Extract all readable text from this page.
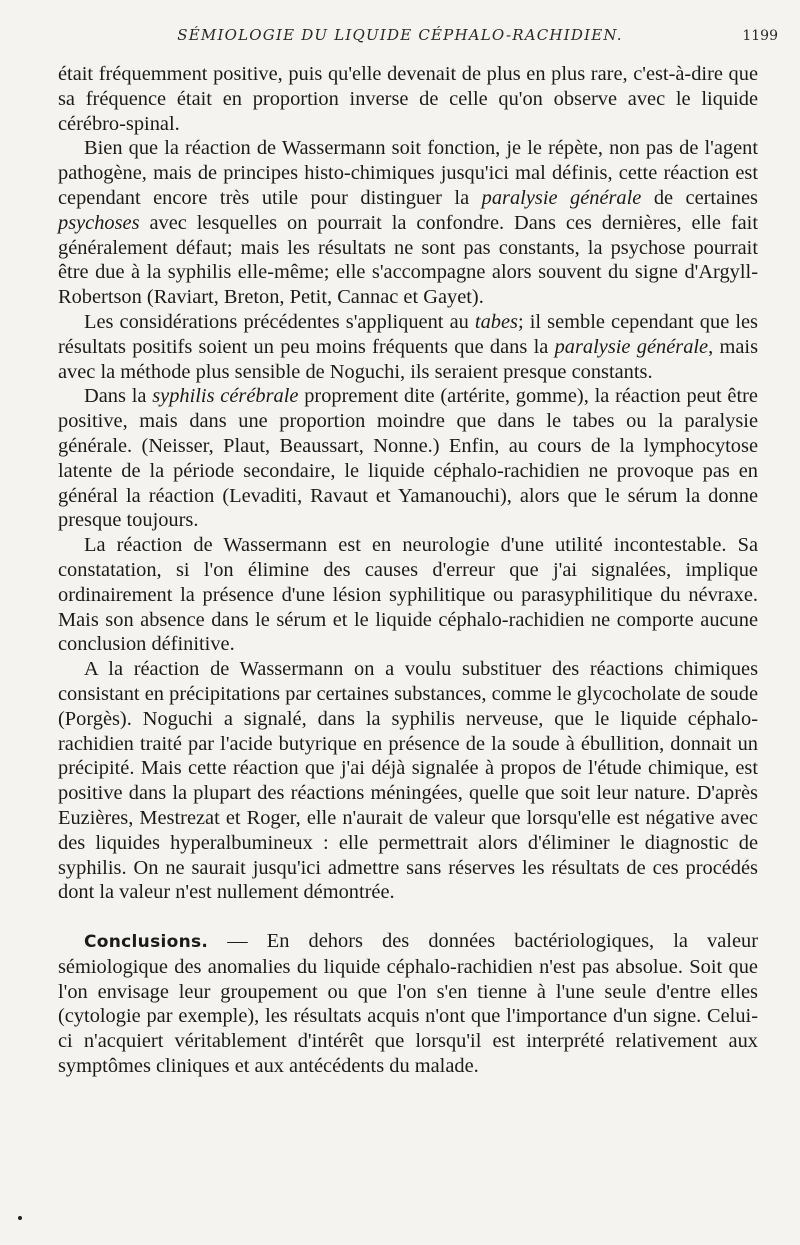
SÉMIOLOGIE DU LIQUIDE CÉPHALO-RACHIDIEN.	1199

était fréquemment positive, puis qu'elle devenait de plus en plus rare, c'est-à-dire que sa fréquence était en proportion inverse de celle qu'on observe avec le liquide cérébro-spinal.

Bien que la réaction de Wassermann soit fonction, je le répète, non pas de l'agent pathogène, mais de principes histo-chimiques jusqu'ici mal définis, cette réaction est cependant encore très utile pour distinguer la paralysie générale de certaines psychoses avec lesquelles on pourrait la confondre. Dans ces dernières, elle fait généralement défaut; mais les résultats ne sont pas constants, la psychose pourrait être due à la syphilis elle-même; elle s'accompagne alors souvent du signe d'Argyll-Robertson (Raviart, Breton, Petit, Cannac et Gayet).

Les considérations précédentes s'appliquent au tabes; il semble cependant que les résultats positifs soient un peu moins fréquents que dans la paralysie générale, mais avec la méthode plus sensible de Noguchi, ils seraient presque constants.

Dans la syphilis cérébrale proprement dite (artérite, gomme), la réaction peut être positive, mais dans une proportion moindre que dans le tabes ou la paralysie générale. (Neisser, Plaut, Beaussart, Nonne.) Enfin, au cours de la lymphocytose latente de la période secondaire, le liquide céphalo-rachidien ne provoque pas en général la réaction (Levaditi, Ravaut et Yamanouchi), alors que le sérum la donne presque toujours.

La réaction de Wassermann est en neurologie d'une utilité incontestable. Sa constatation, si l'on élimine des causes d'erreur que j'ai signalées, implique ordinairement la présence d'une lésion syphilitique ou parasyphilitique du névraxe. Mais son absence dans le sérum et le liquide céphalo-rachidien ne comporte aucune conclusion définitive.

A la réaction de Wassermann on a voulu substituer des réactions chimiques consistant en précipitations par certaines substances, comme le glycocholate de soude (Porgès). Noguchi a signalé, dans la syphilis nerveuse, que le liquide céphalo-rachidien traité par l'acide butyrique en présence de la soude à ébullition, donnait un précipité. Mais cette réaction que j'ai déjà signalée à propos de l'étude chimique, est positive dans la plupart des réactions méningées, quelle que soit leur nature. D'après Euzières, Mestrezat et Roger, elle n'aurait de valeur que lorsqu'elle est négative avec des liquides hyperalbumineux : elle permettrait alors d'éliminer le diagnostic de syphilis. On ne saurait jusqu'ici admettre sans réserves les résultats de ces procédés dont la valeur n'est nullement démontrée.

Conclusions. — En dehors des données bactériologiques, la valeur sémiologique des anomalies du liquide céphalo-rachidien n'est pas absolue. Soit que l'on envisage leur groupement ou que l'on s'en tienne à l'une seule d'entre elles (cytologie par exemple), les résultats acquis n'ont que l'importance d'un signe. Celui-ci n'acquiert véritablement d'intérêt que lorsqu'il est interprété relativement aux symptômes cliniques et aux antécédents du malade.
